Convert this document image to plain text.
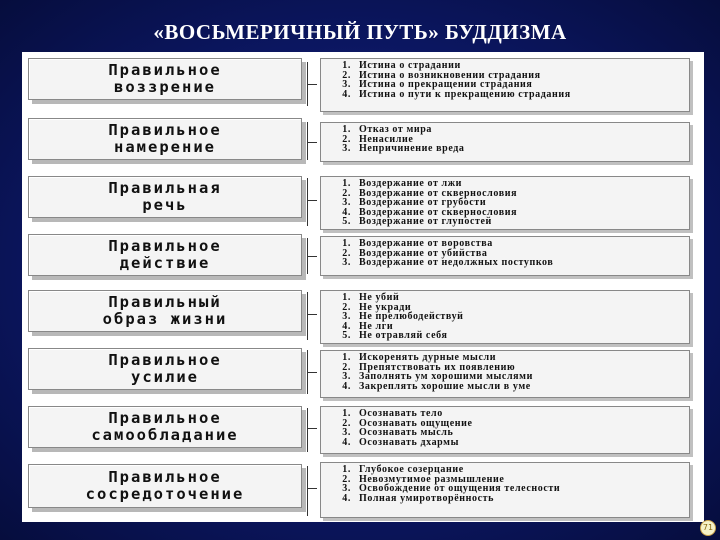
«ВОСЬМЕРИЧНЫЙ ПУТЬ» БУДДИЗМА
Правильное
воззрение
1. Истина о страдании
2. Истина о возникновении страдания
3. Истина о прекращении страдания
4. Истина о пути к прекращению страдания
Правильное
намерение
1. Отказ от мира
2. Ненасилие
3. Непричинение вреда
Правильная
речь
1. Воздержание от лжи
2. Воздержание от сквернословия
3. Воздержание от грубости
4. Воздержание от сквернословия
5. Воздержание от глупостей
Правильное
действие
1. Воздержание от воровства
2. Воздержание от убийства
3. Воздержание от недолжных поступков
Правильный
образ жизни
1. Не убий
2. Не укради
3. Не прелюбодействуй
4. Не лги
5. Не отравляй себя
Правильное
усилие
1. Искоренять дурные мысли
2. Препятствовать их появлению
3. Заполнять ум хорошими мыслями
4. Закреплять хорошие мысли в уме
Правильное
самообладание
1. Осознавать тело
2. Осознавать ощущение
3. Осознавать мысль
4. Осознавать дхармы
Правильное
сосредоточение
1. Глубокое созерцание
2. Невозмутимое размышление
3. Освобождение от ощущения телесности
4. Полная умиротворённость
71
